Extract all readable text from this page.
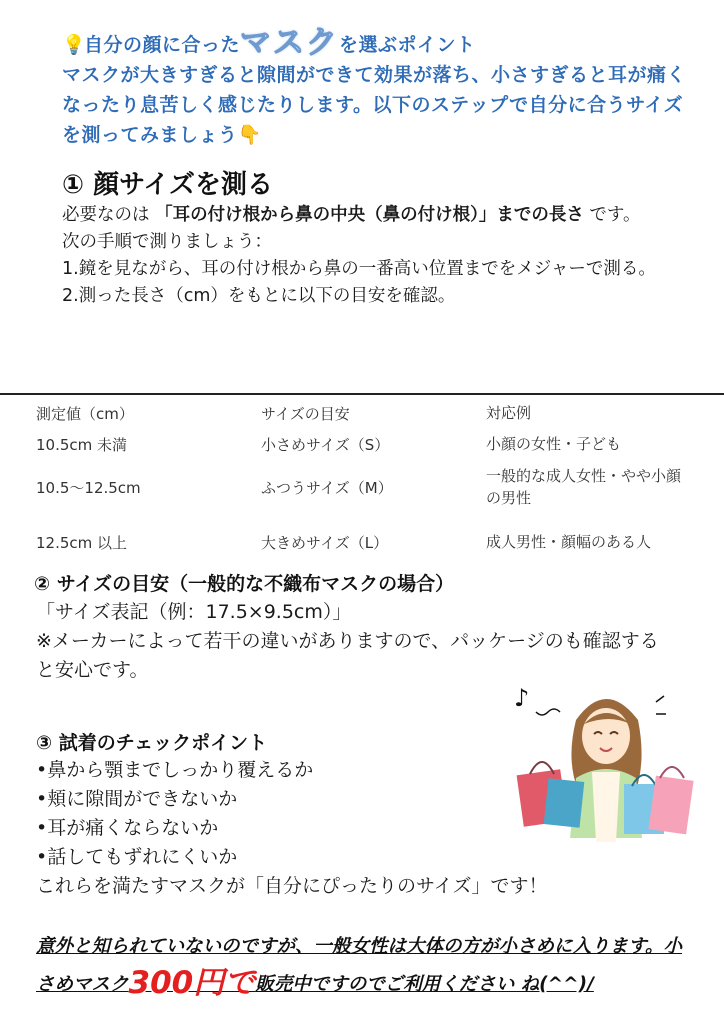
💡自分の顔に合ったマスクを選ぶポイント
マスクが大きすぎると隙間ができて効果が落ち、小さすぎると耳が痛くなったり息苦しく感じたりします。以下のステップで自分に合うサイズを測ってみましょう👇
① 顔サイズを測る
必要なのは 「耳の付け根から鼻の中央（鼻の付け根）」までの長さ です。
次の手順で測りましょう：
1.鏡を見ながら、耳の付け根から鼻の一番高い位置までをメジャーで測る。
2.測った長さ（cm）をもとに以下の目安を確認。
測定値（cm）	サイズの目安	対応例
10.5cm 未満	小さめサイズ（S）	小顔の女性・子ども
10.5～12.5cm	ふつうサイズ（M）	一般的な成人女性・やや小顔の男性
12.5cm 以上	大きめサイズ（L）	成人男性・顔幅のある人
② サイズの目安（一般的な不織布マスクの場合）
「サイズ表記（例：17.5×9.5cm）」
※メーカーによって若干の違いがありますので、パッケージのも確認すると安心です。
♪
③ 試着のチェックポイント
•鼻から顎までしっかり覆えるか
•頬に隙間ができないか
•耳が痛くならないか
•話してもずれにくいか
これらを満たすマスクが「自分にぴったりのサイズ」です！
意外と知られていないのですが、一般女性は大体の方が小さめに入ります。小さめマスク300円で販売中ですのでご利用ください ね(^^)/
